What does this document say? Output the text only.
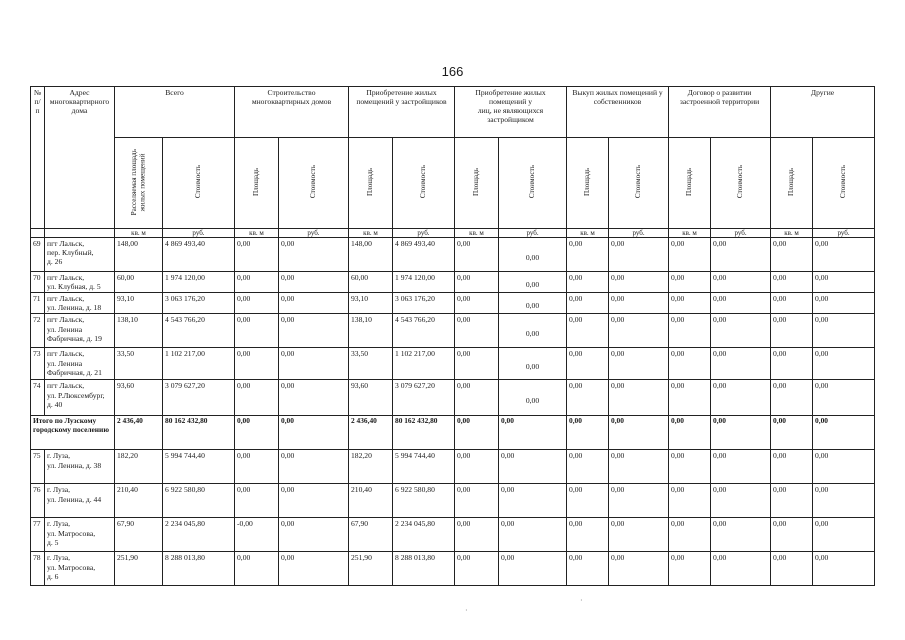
166
№
п/п	Адрес
многоквартирного
дома	Всего		Строительство
многоквартирных домов		Приобретение жилых
помещений у застройщиков		Приобретение жилых
помещений у
лиц, не являющихся
застройщиком		Выкуп жилых помещений у
собственников		Договор о развитии
застроенной территории		Другие	
		Расселяемая площадь
жилых помещений	Стоимость	Площадь	Стоимость	Площадь	Стоимость	Площадь	Стоимость	Площадь	Стоимость	Площадь	Стоимость	Площадь	Стоимость
		кв. м	руб.	кв. м	руб.	кв. м	руб.	кв. м	руб.	кв. м	руб.	кв. м	руб.	кв. м	руб.
69	пгт Лальск,
пер. Клубный,
д. 26	148,00	4 869 493,40	0,00	0,00	148,00	4 869 493,40	0,00	0,00	0,00	0,00	0,00	0,00	0,00	0,00
70	пгт Лальск,
ул. Клубная, д. 5	60,00	1 974 120,00	0,00	0,00	60,00	1 974 120,00	0,00	0,00	0,00	0,00	0,00	0,00	0,00	0,00
71	пгт Лальск,
ул. Ленина, д. 18	93,10	3 063 176,20	0,00	0,00	93,10	3 063 176,20	0,00	0,00	0,00	0,00	0,00	0,00	0,00	0,00
72	пгт Лальск,
ул. Ленина
Фабричная, д. 19	138,10	4 543 766,20	0,00	0,00	138,10	4 543 766,20	0,00	0,00	0,00	0,00	0,00	0,00	0,00	0,00
73	пгт Лальск,
ул. Ленина
Фабричная, д. 21	33,50	1 102 217,00	0,00	0,00	33,50	1 102 217,00	0,00	0,00	0,00	0,00	0,00	0,00	0,00	0,00
74	пгт Лальск,
ул. Р.Люксембург,
д. 40	93,60	3 079 627,20	0,00	0,00	93,60	3 079 627,20	0,00	0,00	0,00	0,00	0,00	0,00	0,00	0,00
Итого по Лузскому
городскому поселению		2 436,40	80 162 432,80	0,00	0,00	2 436,40	80 162 432,80	0,00	0,00	0,00	0,00	0,00	0,00	0,00	0,00
75	г. Луза,
ул. Ленина, д. 38	182,20	5 994 744,40	0,00	0,00	182,20	5 994 744,40	0,00	0,00	0,00	0,00	0,00	0,00	0,00	0,00
76	г. Луза,
ул. Ленина, д. 44	210,40	6 922 580,80	0,00	0,00	210,40	6 922 580,80	0,00	0,00	0,00	0,00	0,00	0,00	0,00	0,00
77	г. Луза,
ул. Матросова,
д. 5	67,90	2 234 045,80	-0,00	0,00	67,90	2 234 045,80	0,00	0,00	0,00	0,00	0,00	0,00	0,00	0,00
78	г. Луза,
ул. Матросова,
д. 6	251,90	8 288 013,80	0,00	0,00	251,90	8 288 013,80	0,00	0,00	0,00	0,00	0,00	0,00	0,00	0,00
·
·
